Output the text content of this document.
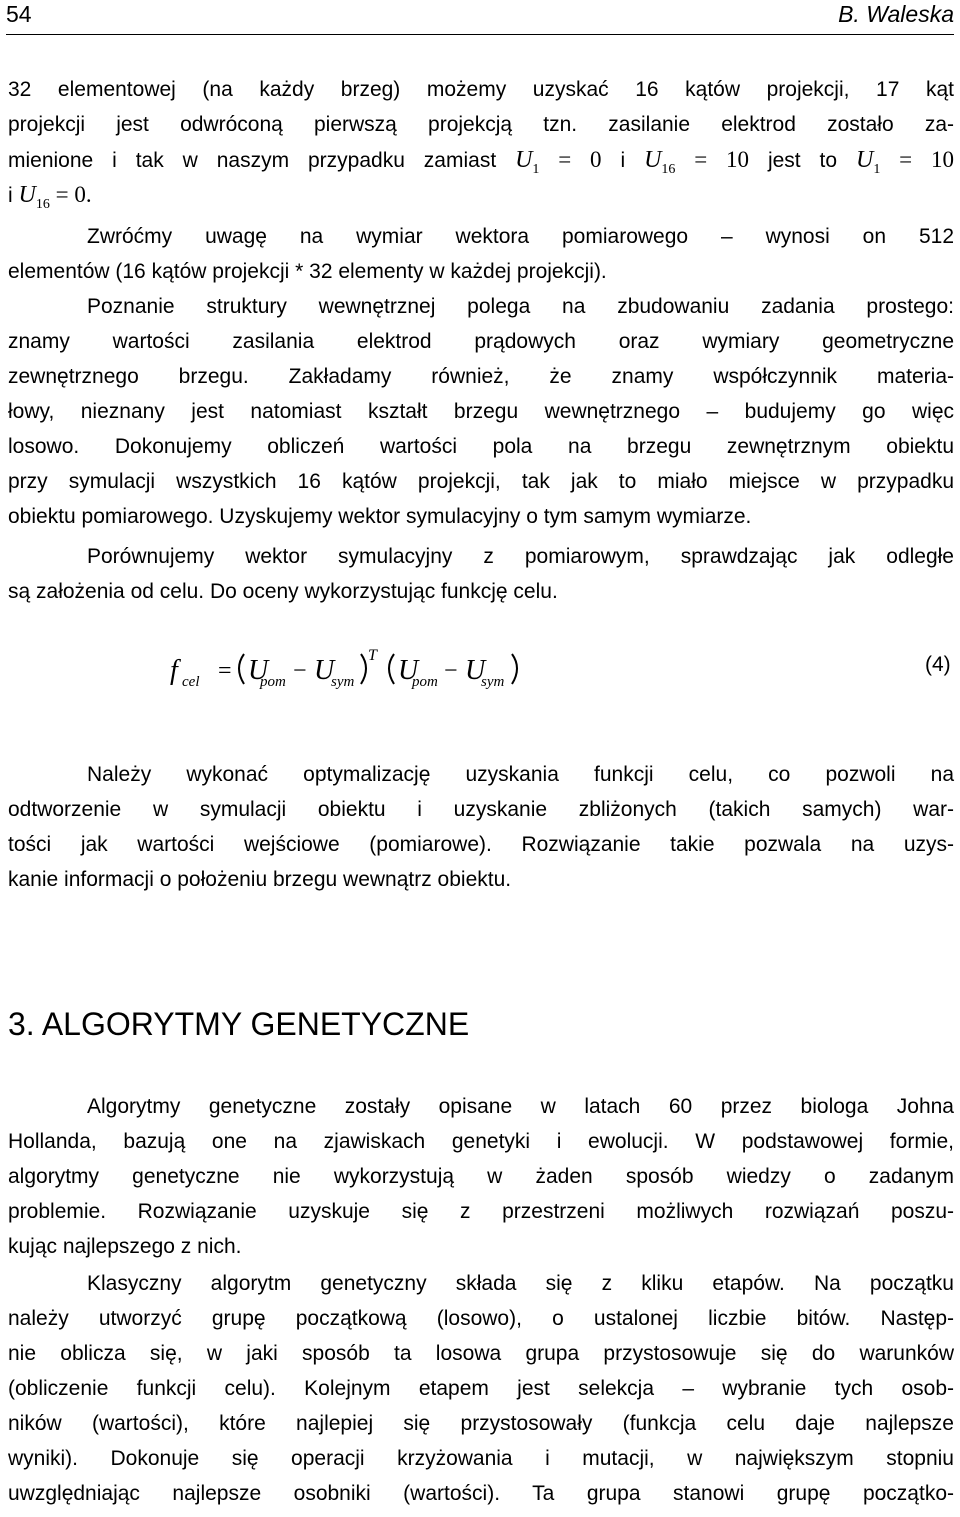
54	B. Waleska
32 elementowej (na każdy brzeg) możemy uzyskać 16 kątów projekcji, 17 kąt
projekcji jest odwróconą pierwszą projekcją tzn. zasilanie elektrod zostało za-
mienione i tak w naszym przypadku zamiast $U_1 = 0$ i $U_{16} = 10$ jest to $U_1 = 10$
i $U_{16} = 0$.
Zwróćmy uwagę na wymiar wektora pomiarowego – wynosi on 512
elementów (16 kątów projekcji * 32 elementy w każdej projekcji).
Poznanie struktury wewnętrznej polega na zbudowaniu zadania prostego:
znamy wartości zasilania elektrod prądowych oraz wymiary geometryczne
zewnętrznego brzegu. Zakładamy również, że znamy współczynnik materia-
łowy, nieznany jest natomiast kształt brzegu wewnętrznego – budujemy go więc
losowo. Dokonujemy obliczeń wartości pola na brzegu zewnętrznym obiektu
przy symulacji wszystkich 16 kątów projekcji, tak jak to miało miejsce w przypadku
obiektu pomiarowego. Uzyskujemy wektor symulacyjny o tym samym wymiarze.
Porównujemy wektor symulacyjny z pomiarowym, sprawdzając jak odległe
są założenia od celu. Do oceny wykorzystując funkcję celu.
f cel = U
pom − U
sym
T U
pom − U
sym
(4)
Należy wykonać optymalizację uzyskania funkcji celu, co pozwoli na
odtworzenie w symulacji obiektu i uzyskanie zbliżonych (takich samych) war-
tości jak wartości wejściowe (pomiarowe). Rozwiązanie takie pozwala na uzys-
kanie informacji o położeniu brzegu wewnątrz obiektu.
3. ALGORYTMY GENETYCZNE
Algorytmy genetyczne zostały opisane w latach 60 przez biologa Johna
Hollanda, bazują one na zjawiskach genetyki i ewolucji. W podstawowej formie,
algorytmy genetyczne nie wykorzystują w żaden sposób wiedzy o zadanym
problemie. Rozwiązanie uzyskuje się z przestrzeni możliwych rozwiązań poszu-
kując najlepszego z nich.
Klasyczny algorytm genetyczny składa się z kliku etapów. Na początku
należy utworzyć grupę początkową (losowo), o ustalonej liczbie bitów. Następ-
nie oblicza się, w jaki sposób ta losowa grupa przystosowuje się do warunków
(obliczenie funkcji celu). Kolejnym etapem jest selekcja – wybranie tych osob-
ników (wartości), które najlepiej się przystosowały (funkcja celu daje najlepsze
wyniki). Dokonuje się operacji krzyżowania i mutacji, w największym stopniu
uwzględniając najlepsze osobniki (wartości). Ta grupa stanowi grupę początko-
